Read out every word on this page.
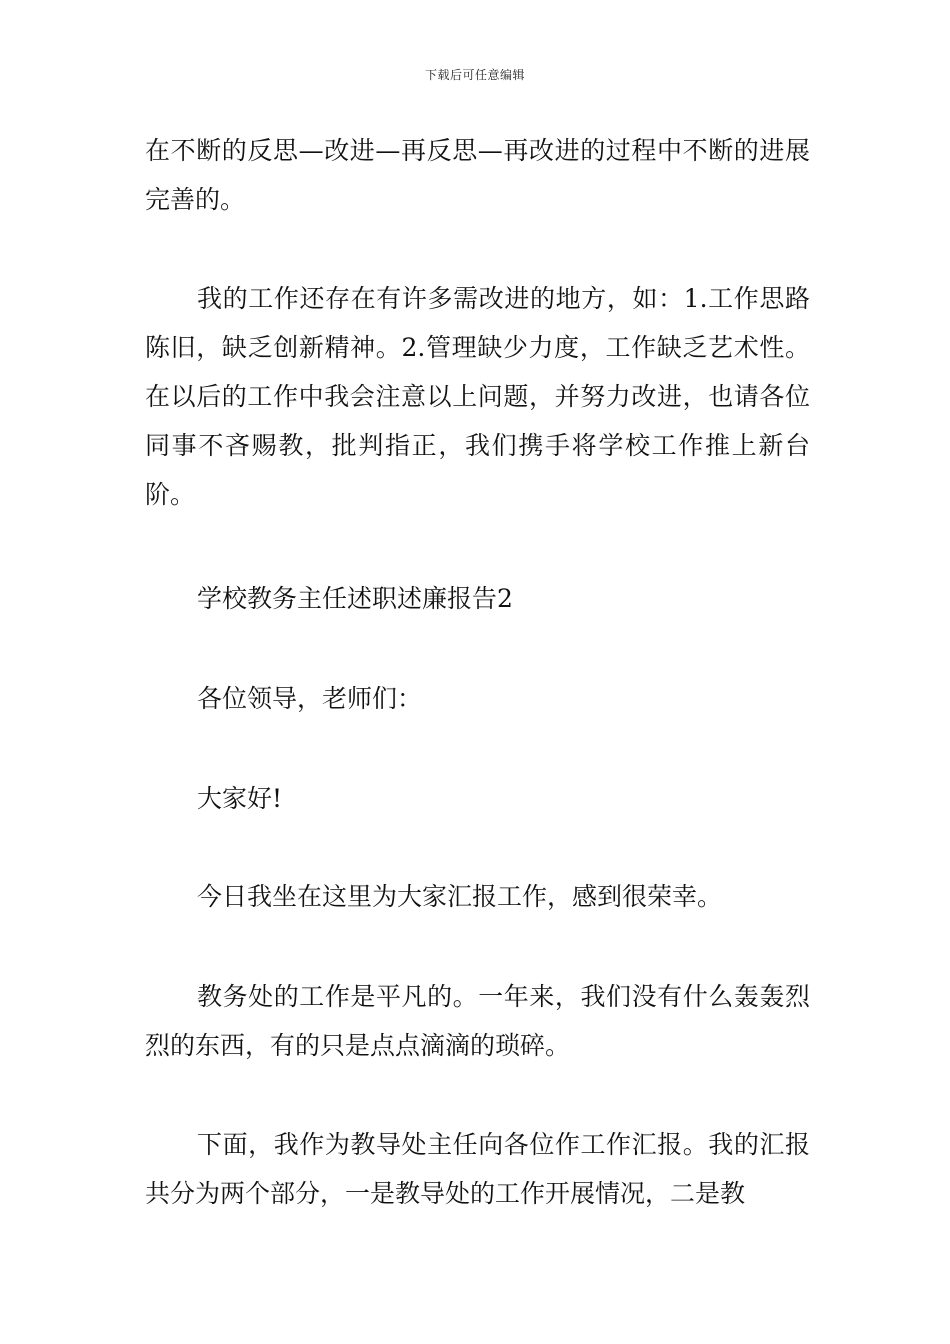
下载后可任意编辑

在不断的反思—改进—再反思—再改进的过程中不断的进展完善的。

我的工作还存在有许多需改进的地方，如：1.工作思路陈旧，缺乏创新精神。2.管理缺少力度，工作缺乏艺术性。在以后的工作中我会注意以上问题，并努力改进，也请各位同事不吝赐教，批判指正，我们携手将学校工作推上新台阶。

学校教务主任述职述廉报告2

各位领导，老师们：

大家好!

今日我坐在这里为大家汇报工作，感到很荣幸。

教务处的工作是平凡的。一年来，我们没有什么轰轰烈烈的东西，有的只是点点滴滴的琐碎。

下面，我作为教导处主任向各位作工作汇报。我的汇报共分为两个部分，一是教导处的工作开展情况，二是教
